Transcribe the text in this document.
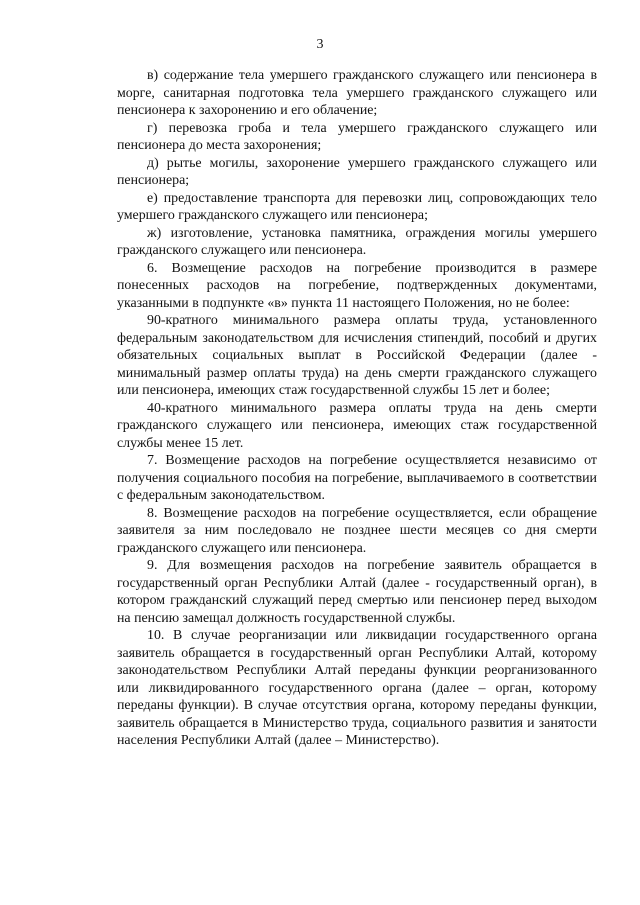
3

в) содержание тела умершего гражданского служащего или пенсионера в морге, санитарная подготовка тела умершего гражданского служащего или пенсионера к захоронению и его облачение;

г) перевозка гроба и тела умершего гражданского служащего или пенсионера до места захоронения;

д) рытье могилы, захоронение умершего гражданского служащего или пенсионера;

е) предоставление транспорта для перевозки лиц, сопровождающих тело умершего гражданского служащего или пенсионера;

ж) изготовление, установка памятника, ограждения могилы умершего гражданского служащего или пенсионера.

6. Возмещение расходов на погребение производится в размере понесенных расходов на погребение, подтвержденных документами, указанными в подпункте «в» пункта 11 настоящего Положения, но не более:

90-кратного минимального размера оплаты труда, установленного федеральным законодательством для исчисления стипендий, пособий и других обязательных социальных выплат в Российской Федерации (далее - минимальный размер оплаты труда) на день смерти гражданского служащего или пенсионера, имеющих стаж государственной службы 15 лет и более;

40-кратного минимального размера оплаты труда на день смерти гражданского служащего или пенсионера, имеющих стаж государственной службы менее 15 лет.

7. Возмещение расходов на погребение осуществляется независимо от получения социального пособия на погребение, выплачиваемого в соответствии с федеральным законодательством.

8. Возмещение расходов на погребение осуществляется, если обращение заявителя за ним последовало не позднее шести месяцев со дня смерти гражданского служащего или пенсионера.

9. Для возмещения расходов на погребение заявитель обращается в государственный орган Республики Алтай (далее - государственный орган), в котором гражданский служащий перед смертью или пенсионер перед выходом на пенсию замещал должность государственной службы.

10. В случае реорганизации или ликвидации государственного органа заявитель обращается в государственный орган Республики Алтай, которому законодательством Республики Алтай переданы функции реорганизованного или ликвидированного государственного органа (далее – орган, которому переданы функции). В случае отсутствия органа, которому переданы функции, заявитель обращается в Министерство труда, социального развития и занятости населения Республики Алтай (далее – Министерство).
